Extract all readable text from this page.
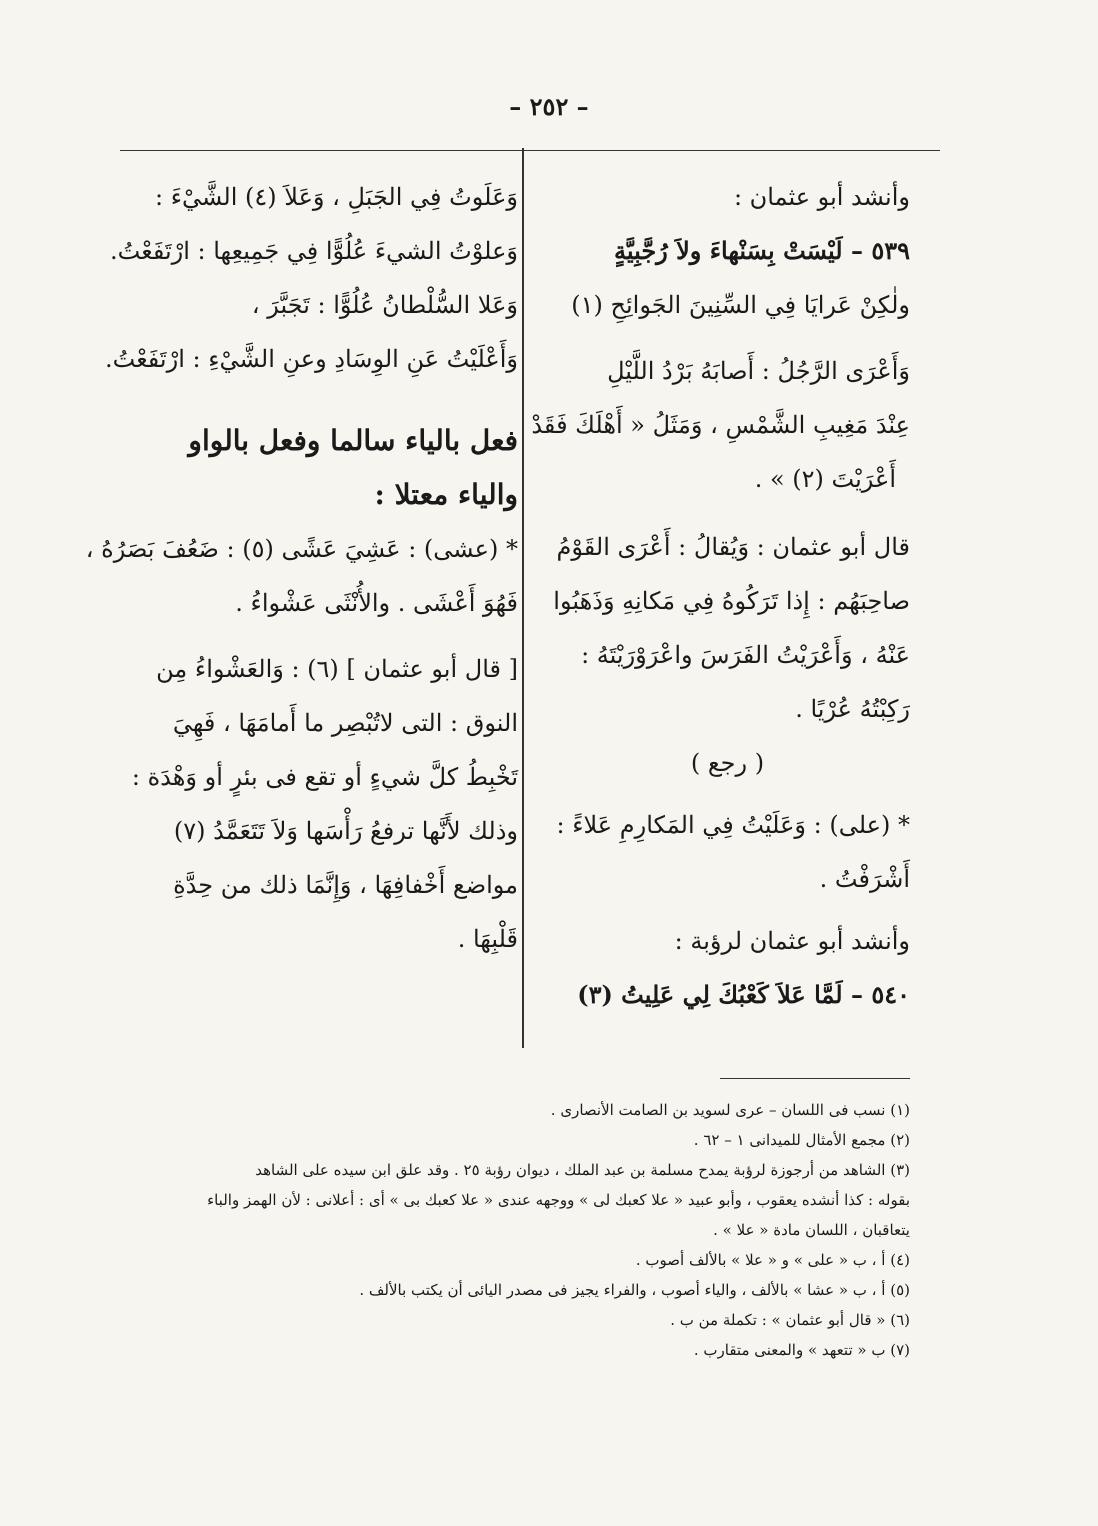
– ٢٥٢ –
وأنشد أبو عثمان :
٥٣٩ – لَيْسَتْ بِسَنْهاءَ ولاَ رُجَّبِيَّةٍ
ولٰكِنْ عَرايَا فِي السِّنِينَ الجَوائِحِ (١)
وَأَعْرَى الرَّجُلُ : أَصابَهُ بَرْدُ اللَّيْلِ
عِنْدَ مَغِيبِ الشَّمْسِ ، وَمَثَلُ « أَهْلَكَ فَقَدْ
أَعْرَيْتَ (٢) » .
قال أبو عثمان : وَيُقالُ : أَعْرَى القَوْمُ
صاحِبَهُم : إِذا تَرَكُوهُ فِي مَكانِهِ وَذَهَبُوا
عَنْهُ ، وَأَعْرَيْتُ الفَرَسَ واعْرَوْرَيْتَهُ :
رَكِبْتُهُ عُرْيًا .
( رجع )
* (على) : وَعَلَيْتُ فِي المَكارِمِ عَلاءً :
أَشْرَفْتُ .
وأنشد أبو عثمان لرؤبة :
٥٤٠ – لَمَّا عَلاَ كَعْبُكَ لِي عَلِيتُ (٣)
وَعَلَوتُ فِي الجَبَلِ ، وَعَلاَ (٤) الشَّيْءَ :
وَعلوْتُ الشيءَ عُلُوًّا فِي جَمِيعِها : ارْتَفَعْتُ.
وَعَلا السُّلْطانُ عُلُوًّا : تَجَبَّرَ ،
وَأَعْلَيْتُ عَنِ الوِسَادِ وعنِ الشَّيْءِ : ارْتَفَعْتُ.
فعل بالياء سالما وفعل بالواو
والياء معتلا :
* (عشى) : عَشِيَ عَشًى (٥) : ضَعُفَ بَصَرُهُ ،
فَهُوَ أَعْشَى . والأُنْثَى عَشْواءُ .
[ قال أبو عثمان ] (٦) : وَالعَشْواءُ مِن
النوق : التى لاتُبْصِر ما أَمامَهَا ، فَهِيَ
تَخْبِطُ كلَّ شيءٍ أو تقع فى بئرٍ أو وَهْدَة :
وذلك لأَنَّها ترفعُ رَأْسَها وَلاَ تَتَعَمَّدُ (٧)
مواضع أَخْفافِهَا ، وَإِنَّمَا ذلك من حِدَّةِ
قَلْبِهَا .
(١) نسب فى اللسان – عرى لسويد بن الصامت الأنصارى .
(٢) مجمع الأمثال للميدانى ١ – ٦٢ .
(٣) الشاهد من أرجوزة لرؤبة يمدح مسلمة بن عبد الملك ، ديوان رؤبة ٢٥ . وقد علق ابن سيده على الشاهد
بقوله : كذا أنشده يعقوب ، وأبو عبيد « علا كعبك لى » ووجهه عندى « علا كعبك بى » أى : أعلانى : لأن الهمز والباء
يتعاقبان ، اللسان مادة « علا » .
(٤) أ ، ب « على » و « علا » بالألف أصوب .
(٥) أ ، ب « عشا » بالألف ، والياء أصوب ، والفراء يجيز فى مصدر اليائى أن يكتب بالألف .
(٦) « قال أبو عثمان » : تكملة من ب .
(٧) ب « تتعهد » والمعنى متقارب .
